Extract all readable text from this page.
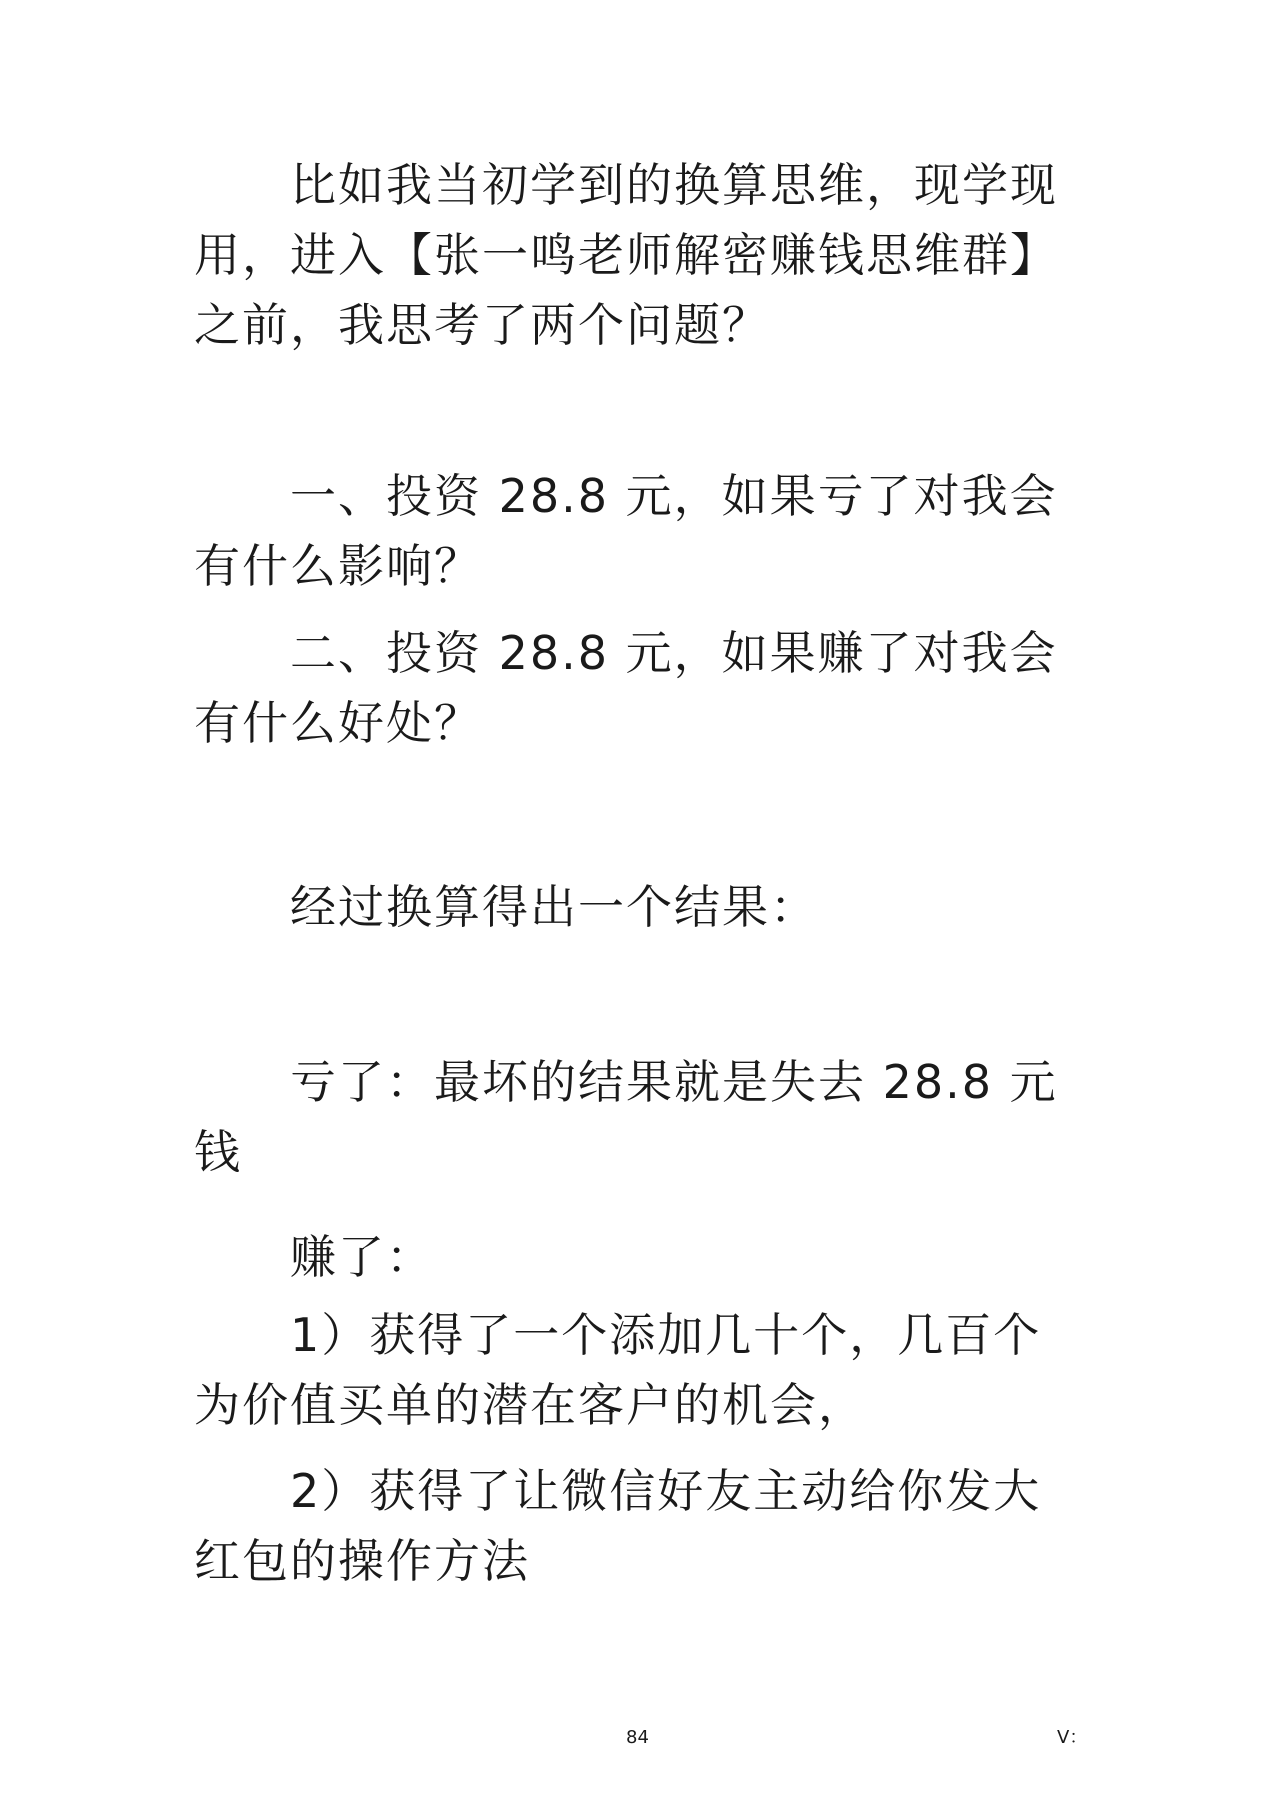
比如我当初学到的换算思维，现学现用，进入【张一鸣老师解密赚钱思维群】之前，我思考了两个问题？

一、投资 28.8 元，如果亏了对我会有什么影响？

二、投资 28.8 元，如果赚了对我会有什么好处？

经过换算得出一个结果：

亏了：最坏的结果就是失去 28.8 元钱

赚了：

1）获得了一个添加几十个，几百个为价值买单的潜在客户的机会，

2）获得了让微信好友主动给你发大红包的操作方法

84	V：
